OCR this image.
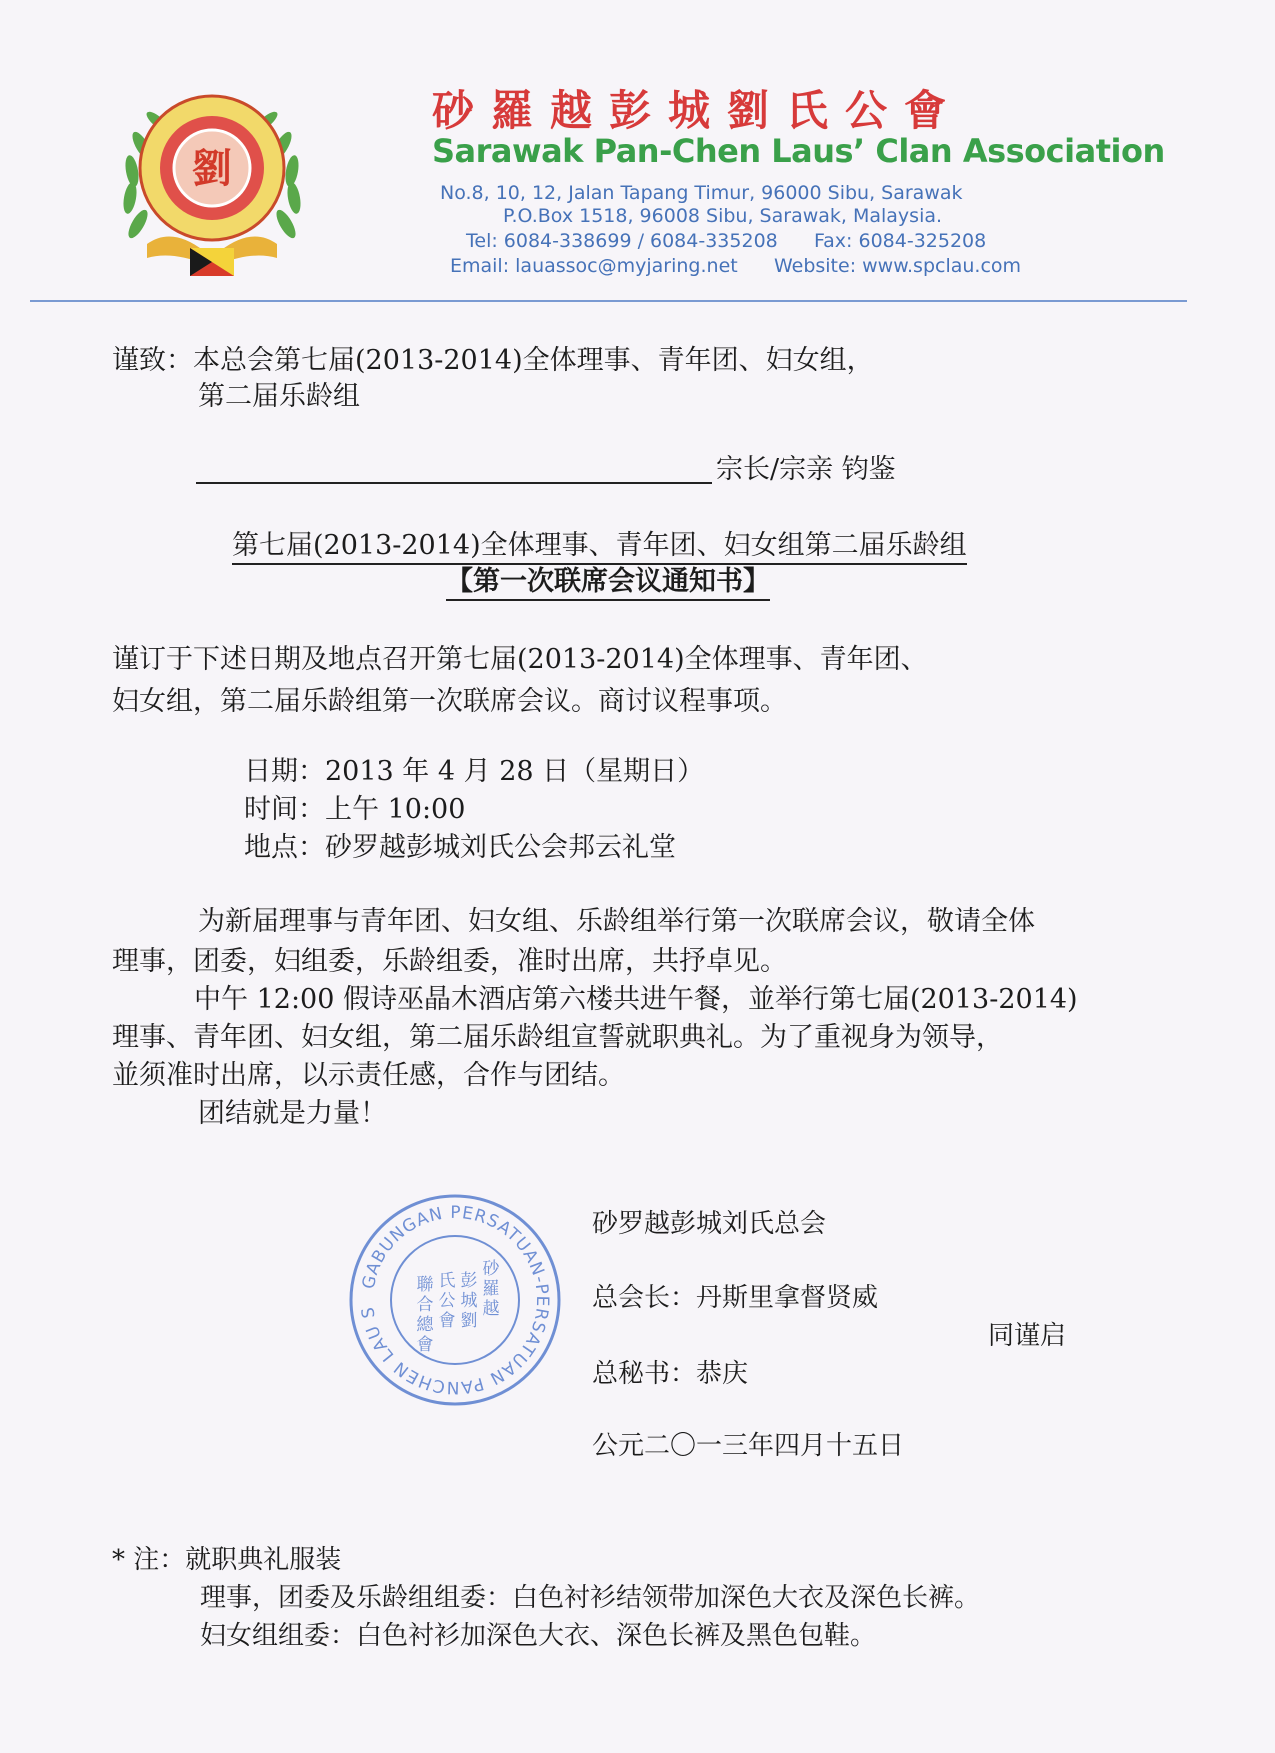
劉
砂羅越彭城劉氏公會
Sarawak Pan-Chen Laus’ Clan Association
No.8, 10, 12, Jalan Tapang Timur, 96000 Sibu, Sarawak
P.O.Box 1518, 96008 Sibu, Sarawak, Malaysia.
Tel: 6084-338699 / 6084-335208      Fax: 6084-325208
Email: lauassoc@myjaring.net      Website: www.spclau.com
谨致：本总会第七届(2013-2014)全体理事、青年团、妇女组，
第二届乐龄组
宗长/宗亲 钧鉴
第七届(2013-2014)全体理事、青年团、妇女组第二届乐龄组
【第一次联席会议通知书】
谨订于下述日期及地点召开第七届(2013-2014)全体理事、青年团、
妇女组，第二届乐龄组第一次联席会议。商讨议程事项。
日期：2013 年 4 月 28 日（星期日）
时间：上午 10:00
地点：砂罗越彭城刘氏公会邦云礼堂
为新届理事与青年团、妇女组、乐龄组举行第一次联席会议，敬请全体
理事，团委，妇组委，乐龄组委，准时出席，共抒卓见。
中午 12:00 假诗巫晶木酒店第六楼共进午餐，並举行第七届(2013-2014)
理事、青年团、妇女组，第二届乐龄组宣誓就职典礼。为了重视身为领导，
並须准时出席，以示责任感，合作与团结。
团结就是力量！
GABUNGAN PERSATUAN-PERSATUAN PANCHEN LAU S
砂
羅
越
彭
城
劉
氏
公
會
聯
合
總
會
砂罗越彭城刘氏总会
总会长：丹斯里拿督贤威
同谨启
总秘书：恭庆
公元二〇一三年四月十五日
* 注：就职典礼服装
理事，团委及乐龄组组委：白色衬衫结领带加深色大衣及深色长裤。
妇女组组委：白色衬衫加深色大衣、深色长裤及黑色包鞋。
